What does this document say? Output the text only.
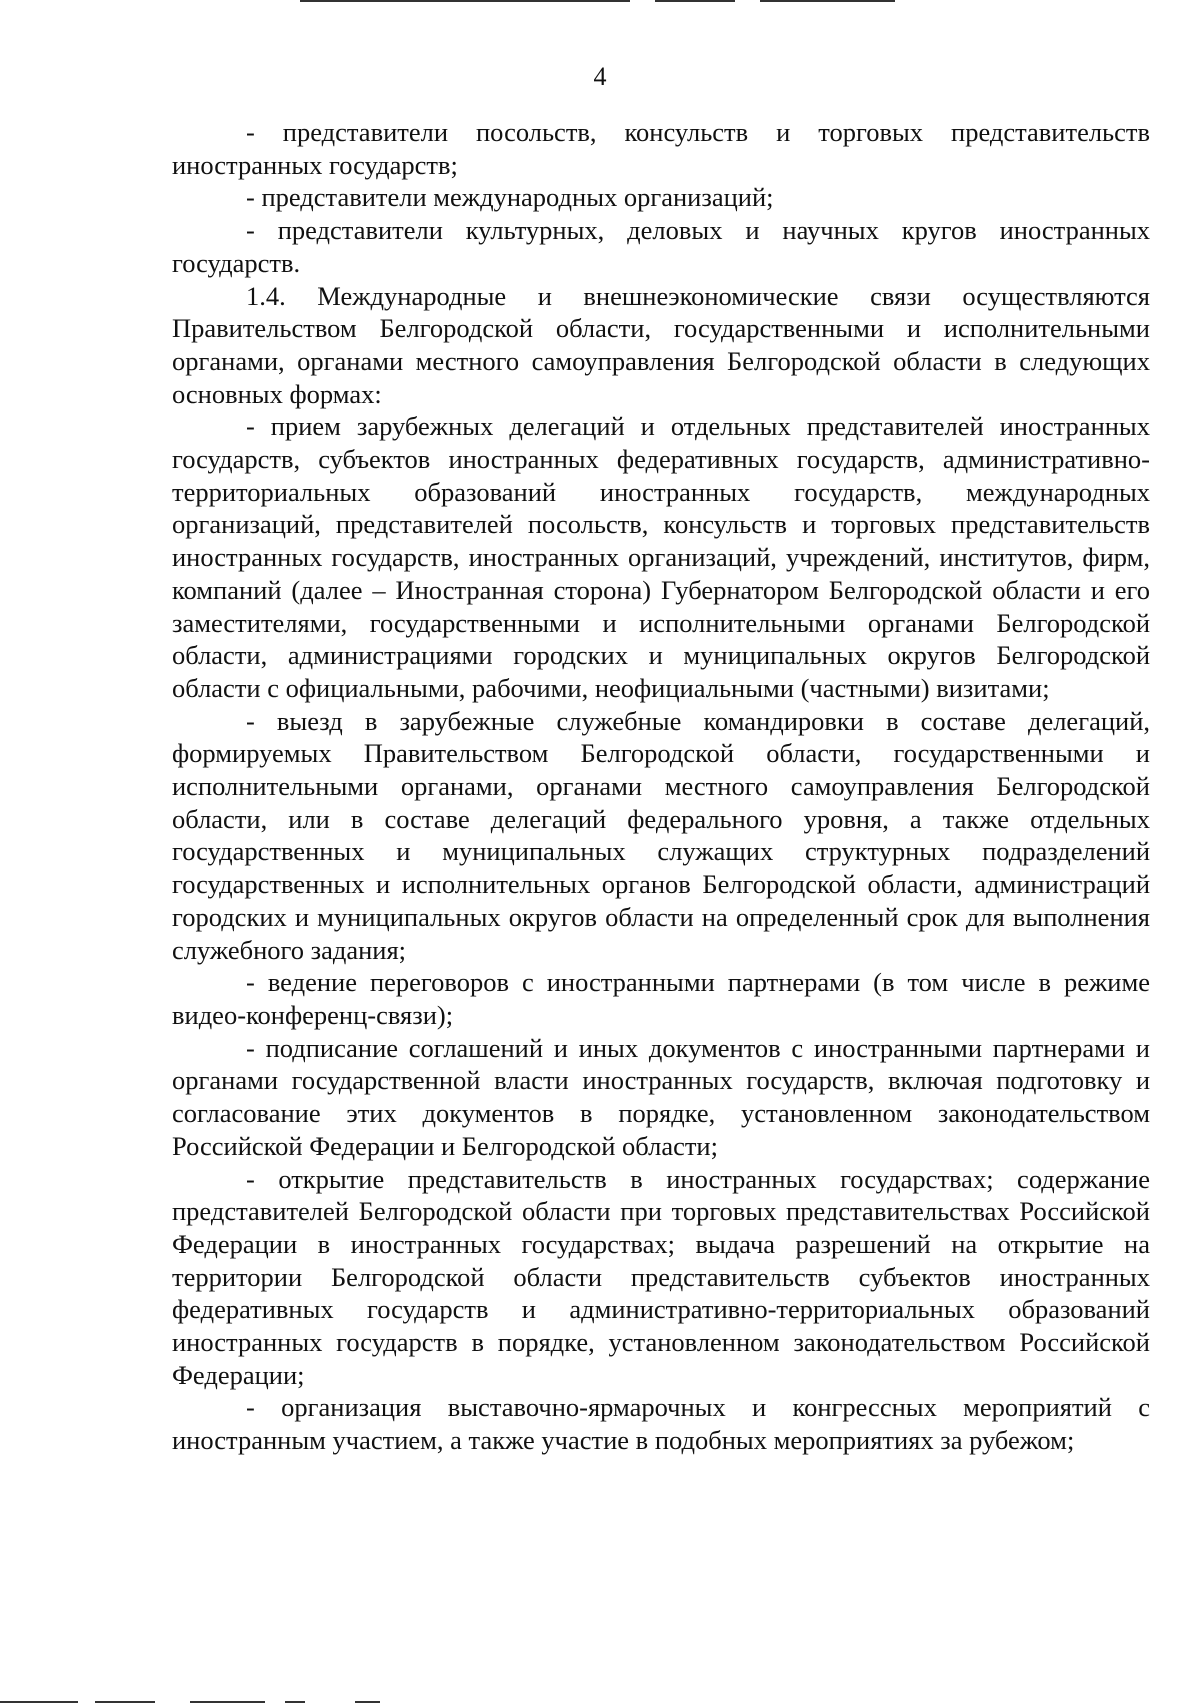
4

- представители посольств, консульств и торговых представительств иностранных государств;

- представители международных организаций;

- представители культурных, деловых и научных кругов иностранных государств.

1.4. Международные и внешнеэкономические связи осуществляются Правительством Белгородской области, государственными и исполнительными органами, органами местного самоуправления Белгородской области в следующих основных формах:

- прием зарубежных делегаций и отдельных представителей иностранных государств, субъектов иностранных федеративных государств, административно-территориальных образований иностранных государств, международных организаций, представителей посольств, консульств и торговых представительств иностранных государств, иностранных организаций, учреждений, институтов, фирм, компаний (далее – Иностранная сторона) Губернатором Белгородской области и его заместителями, государственными и исполнительными органами Белгородской области, администрациями городских и муниципальных округов Белгородской области с официальными, рабочими, неофициальными (частными) визитами;

- выезд в зарубежные служебные командировки в составе делегаций, формируемых Правительством Белгородской области, государственными и исполнительными органами, органами местного самоуправления Белгородской области, или в составе делегаций федерального уровня, а также отдельных государственных и муниципальных служащих структурных подразделений государственных и исполнительных органов Белгородской области, администраций городских и муниципальных округов области на определенный срок для выполнения служебного задания;

- ведение переговоров с иностранными партнерами (в том числе в режиме видео-конференц-связи);

- подписание соглашений и иных документов с иностранными партнерами и органами государственной власти иностранных государств, включая подготовку и согласование этих документов в порядке, установленном законодательством Российской Федерации и Белгородской области;

- открытие представительств в иностранных государствах; содержание представителей Белгородской области при торговых представительствах Российской Федерации в иностранных государствах; выдача разрешений на открытие на территории Белгородской области представительств субъектов иностранных федеративных государств и административно-территориальных образований иностранных государств в порядке, установленном законодательством Российской Федерации;

- организация выставочно-ярмарочных и конгрессных мероприятий с иностранным участием, а также участие в подобных мероприятиях за рубежом;
